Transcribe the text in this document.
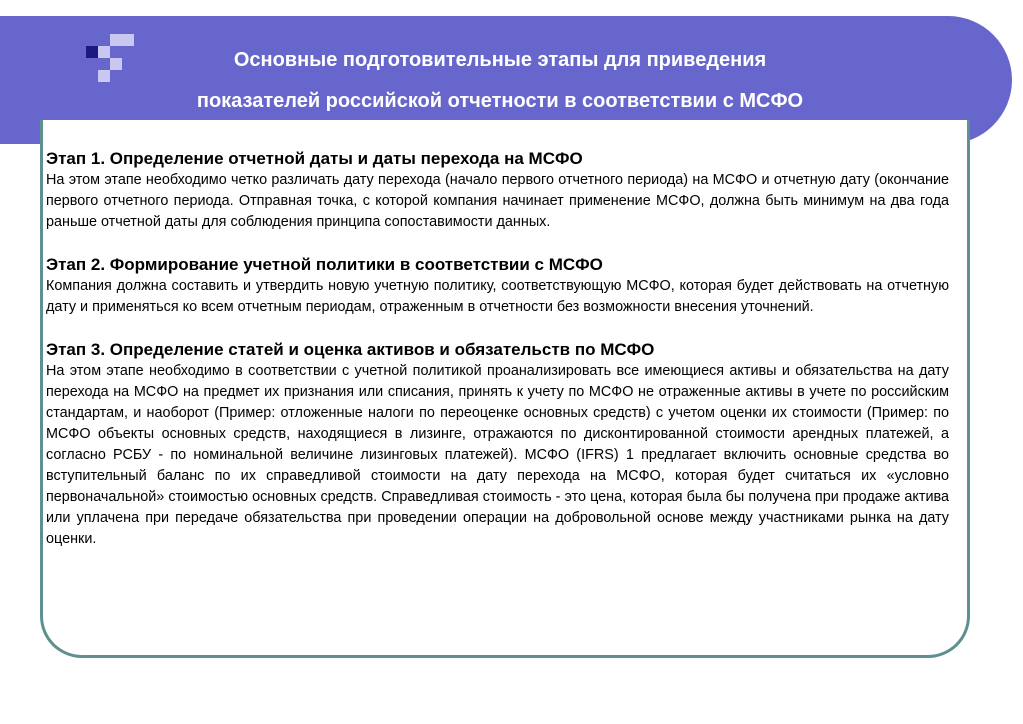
Основные подготовительные этапы для приведения
показателей российской отчетности в соответствии с МСФО

Этап 1. Определение отчетной даты и даты перехода на МСФО

На этом этапе необходимо четко различать дату перехода (начало первого отчетного периода) на МСФО и отчетную дату (окончание первого отчетного периода. Отправная точка, с которой компания начинает применение МСФО, должна быть минимум на два года раньше отчетной даты для соблюдения принципа сопоставимости данных.

Этап 2. Формирование учетной политики в соответствии с МСФО

Компания должна составить и утвердить новую учетную политику, соответствующую МСФО, которая будет действовать на отчетную дату и применяться ко всем отчетным периодам, отраженным в отчетности без возможности внесения уточнений.

Этап 3. Определение статей и оценка активов и обязательств по МСФО

На этом этапе необходимо в соответствии с учетной политикой проанализировать все имеющиеся активы и обязательства на дату перехода на МСФО на предмет их признания или списания, принять к учету по МСФО не отраженные активы в учете по российским стандартам, и наоборот (Пример: отложенные налоги по переоценке основных средств) с учетом оценки их стоимости (Пример: по МСФО объекты основных средств, находящиеся в лизинге, отражаются по дисконтированной стоимости арендных платежей, а согласно РСБУ - по номинальной величине лизинговых платежей). МСФО (IFRS) 1 предлагает включить основные средства во вступительный баланс по их справедливой стоимости на дату перехода на МСФО, которая будет считаться их «условно первоначальной» стоимостью основных средств. Справедливая стоимость - это цена, которая была бы получена при продаже актива или уплачена при передаче обязательства при проведении операции на добровольной основе между участниками рынка на дату оценки.
